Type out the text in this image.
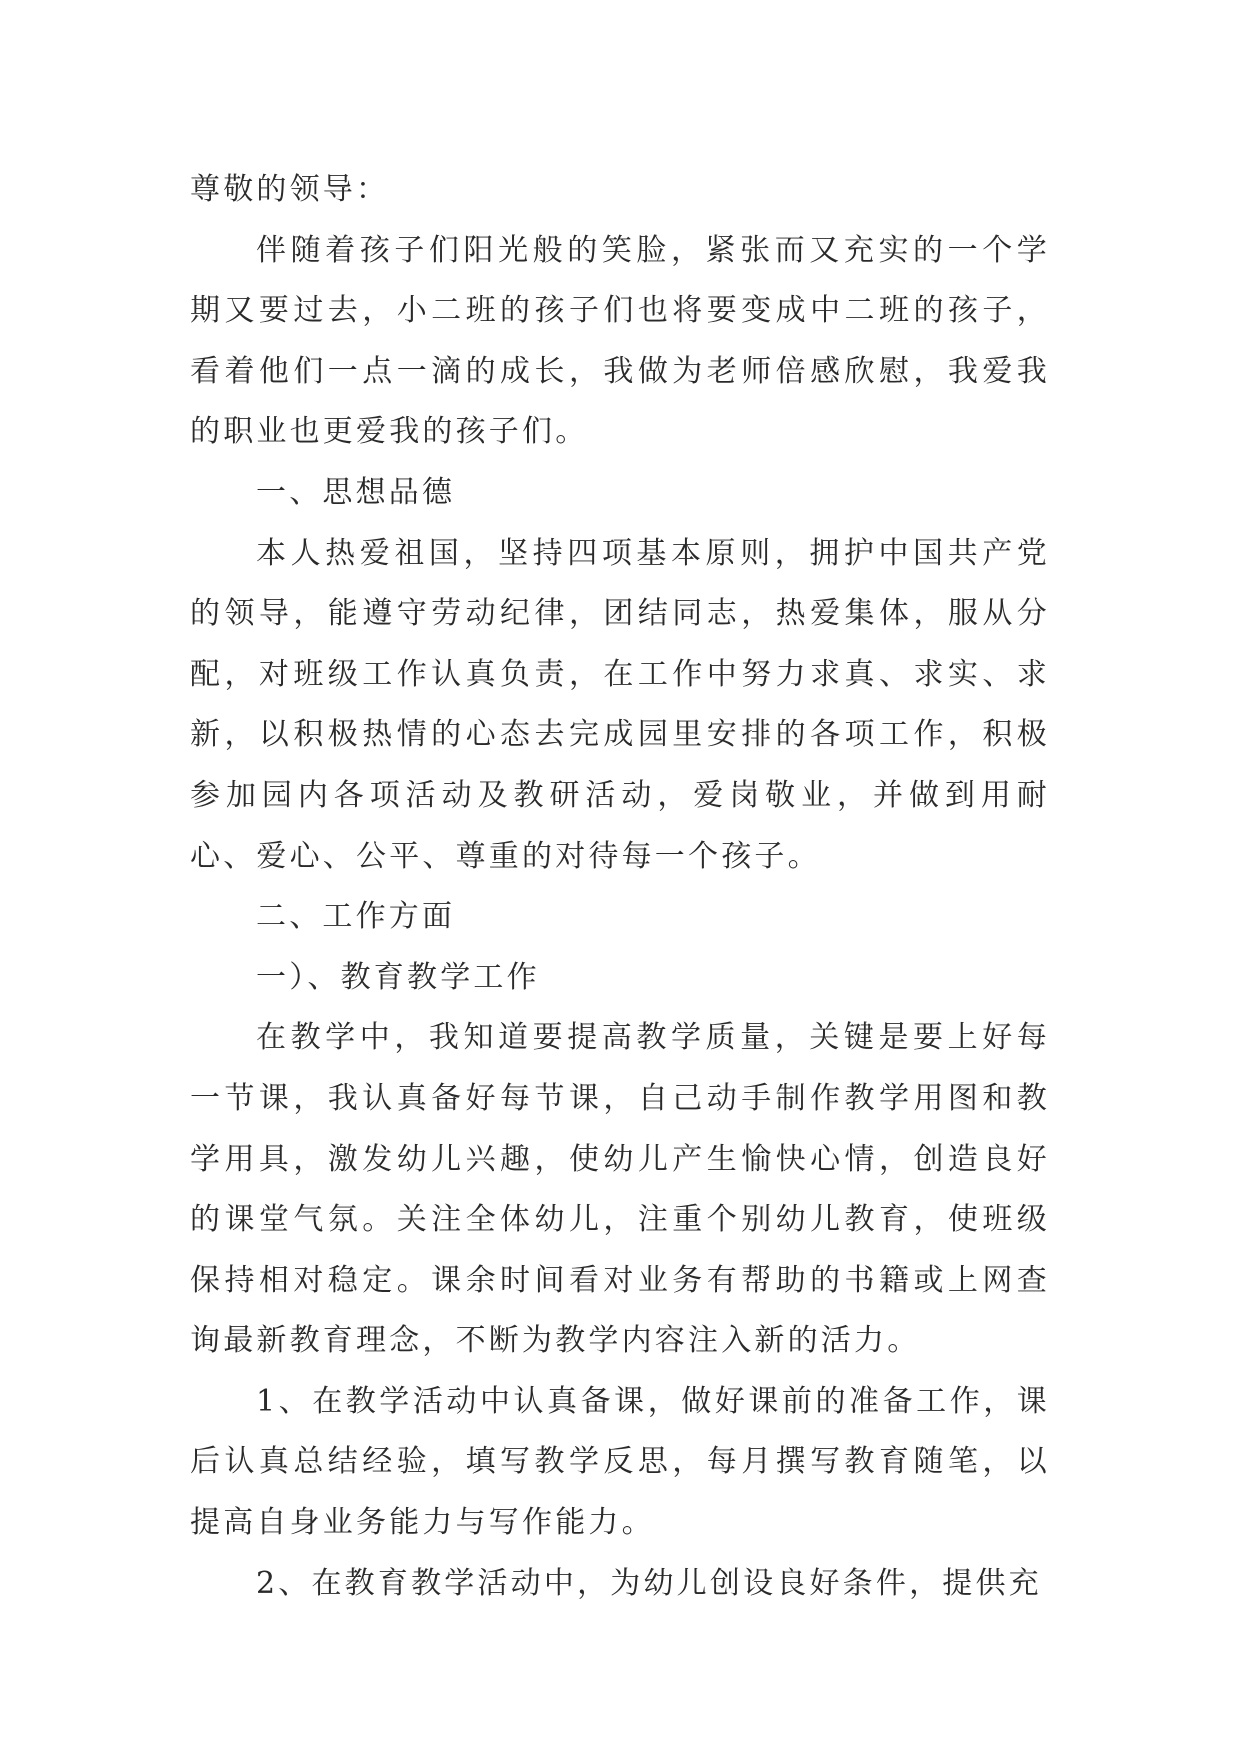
尊敬的领导：

伴随着孩子们阳光般的笑脸，紧张而又充实的一个学期又要过去，小二班的孩子们也将要变成中二班的孩子，看着他们一点一滴的成长，我做为老师倍感欣慰，我爱我的职业也更爱我的孩子们。

一、思想品德

本人热爱祖国，坚持四项基本原则，拥护中国共产党的领导，能遵守劳动纪律，团结同志，热爱集体，服从分配，对班级工作认真负责，在工作中努力求真、求实、求新，以积极热情的心态去完成园里安排的各项工作，积极参加园内各项活动及教研活动，爱岗敬业，并做到用耐心、爱心、公平、尊重的对待每一个孩子。

二、工作方面

一）、教育教学工作

在教学中，我知道要提高教学质量，关键是要上好每一节课，我认真备好每节课，自己动手制作教学用图和教学用具，激发幼儿兴趣，使幼儿产生愉快心情，创造良好的课堂气氛。关注全体幼儿，注重个别幼儿教育，使班级保持相对稳定。课余时间看对业务有帮助的书籍或上网查询最新教育理念，不断为教学内容注入新的活力。

1、在教学活动中认真备课，做好课前的准备工作，课后认真总结经验，填写教学反思，每月撰写教育随笔，以提高自身业务能力与写作能力。

2、在教育教学活动中，为幼儿创设良好条件，提供充
